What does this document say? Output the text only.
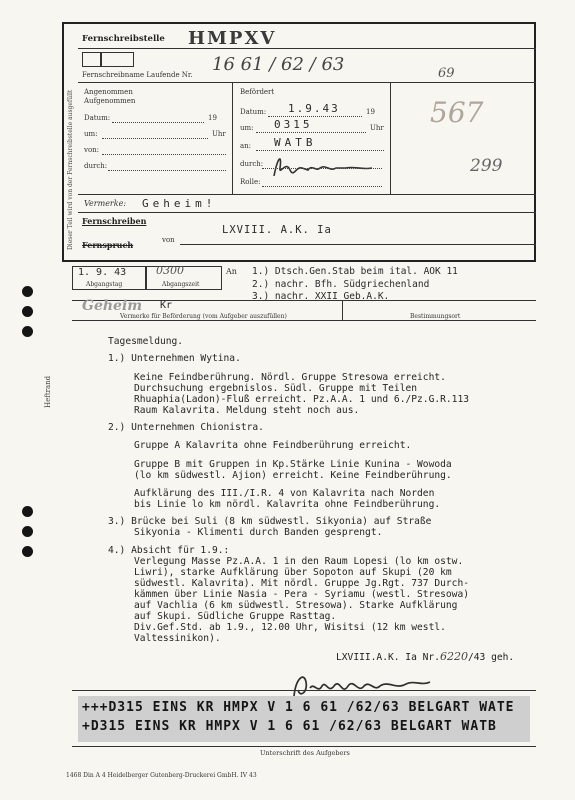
Heftrand
Dieser Teil wird von der Fernschreibstelle ausgefüllt
Fernschreibstelle HMPXV
16 61 / 62 / 63	69
Fernschreibname Laufende Nr.
Angenommen
Aufgenommen
Datum:	19
um:	Uhr
von:
durch:
Befördert
Datum: 1.9.43	19
um: 0315	Uhr
an: WATB
durch:
Rolle:
567
299
Vermerke: Geheim!
Fernschreiben
Fernspruch	von
LXVIII. A.K. Ia
1. 9. 43	0300
Abgangstag	Abgangszeit
An 1.) Dtsch.Gen.Stab beim ital. AOK 11
2.) nachr. Bfh. Südgriechenland
3.) nachr. XXII Geb.A.K.
Geheim Kr
Vermerke für Beförderung (vom Aufgeber auszufüllen)	Bestimmungsort
Tagesmeldung.
1.) Unternehmen Wytina.
Keine Feindberührung. Nördl. Gruppe Stresowa erreicht.
Durchsuchung ergebnislos. Südl. Gruppe mit Teilen
Rhuaphia(Ladon)-Fluß erreicht. Pz.A.A. 1 und 6./Pz.G.R.113
Raum Kalavrita. Meldung steht noch aus.
2.) Unternehmen Chionistra.
Gruppe A Kalavrita ohne Feindberührung erreicht.
Gruppe B mit Gruppen in Kp.Stärke Linie Kunina - Wowoda
(lo km südwestl. Ajion) erreicht. Keine Feindberührung.
Aufklärung des III./I.R. 4 von Kalavrita nach Norden
bis Linie lo km nördl. Kalavrita ohne Feindberührung.
3.) Brücke bei Suli (8 km südwestl. Sikyonia) auf Straße
Sikyonia - Klimenti durch Banden gesprengt.
4.) Absicht für 1.9.:
Verlegung Masse Pz.A.A. 1 in den Raum Lopesi (lo km ostw.
Liwri), starke Aufklärung über Sopoton auf Skupi (20 km
südwestl. Kalavrita). Mit nördl. Gruppe Jg.Rgt. 737 Durch-
kämmen über Linie Nasia - Pera - Syriamu (westl. Stresowa)
auf Vachlia (6 km südwestl. Stresowa). Starke Aufklärung
auf Skupi. Südliche Gruppe Rasttag.
Div.Gef.Std. ab 1.9., 12.00 Uhr, Wisitsi (12 km westl.
Valtessinikon).
LXVIII.A.K. Ia Nr.6220/43 geh.
+++D315 EINS KR HMPX V 1 6 61 /62/63 BELGART WATE
+D315 EINS KR HMPX V 1 6 61 /62/63 BELGART WATB
Unterschrift des Aufgebers
1468 Din A 4 Heidelberger Gutenberg-Druckerei GmbH. IV 43
